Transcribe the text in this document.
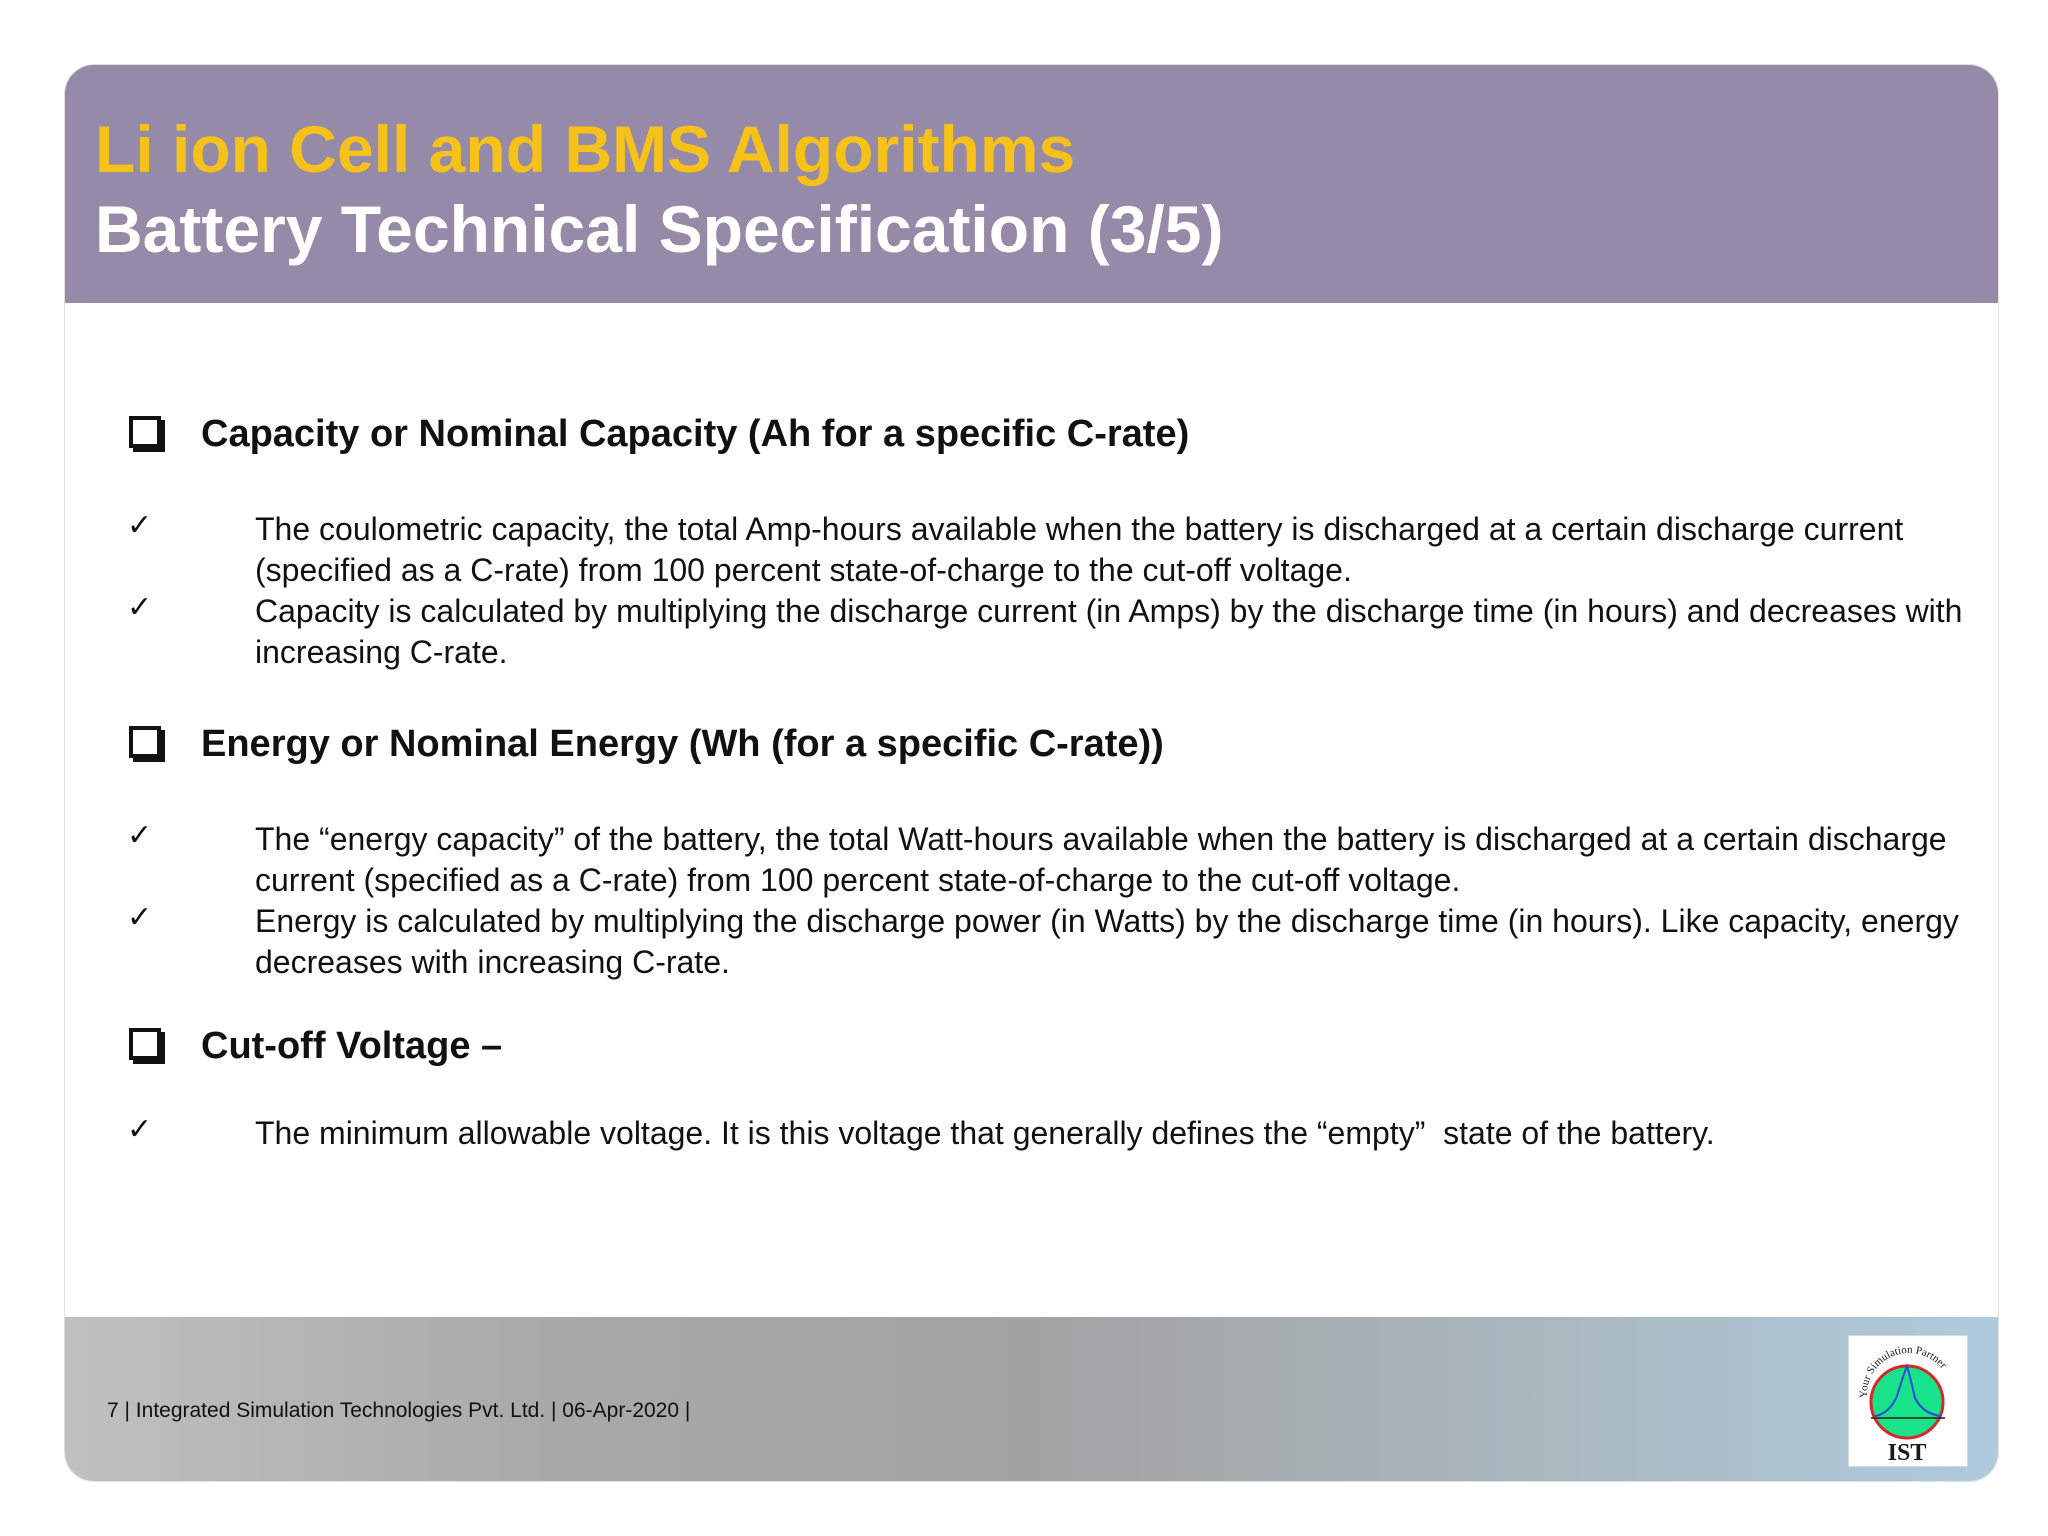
Li ion Cell and BMS Algorithms
Battery Technical Specification (3/5)
Capacity or Nominal Capacity (Ah for a specific C-rate)
✓	The coulometric capacity, the total Amp-hours available when the battery is discharged at a certain discharge current (specified as a C-rate) from 100 percent state-of-charge to the cut-off voltage.
✓	Capacity is calculated by multiplying the discharge current (in Amps) by the discharge time (in hours) and decreases with increasing C-rate.
Energy or Nominal Energy (Wh (for a specific C-rate))
✓	The “energy capacity” of the battery, the total Watt-hours available when the battery is discharged at a certain discharge current (specified as a C-rate) from 100 percent state-of-charge to the cut-off voltage.
✓	Energy is calculated by multiplying the discharge power (in Watts) by the discharge time (in hours). Like capacity, energy decreases with increasing C-rate.
Cut-off Voltage –
✓	The minimum allowable voltage. It is this voltage that generally defines the “empty”  state of the battery.
7 | Integrated Simulation Technologies Pvt. Ltd. | 06-Apr-2020 |
Your Simulation Partner
IST
